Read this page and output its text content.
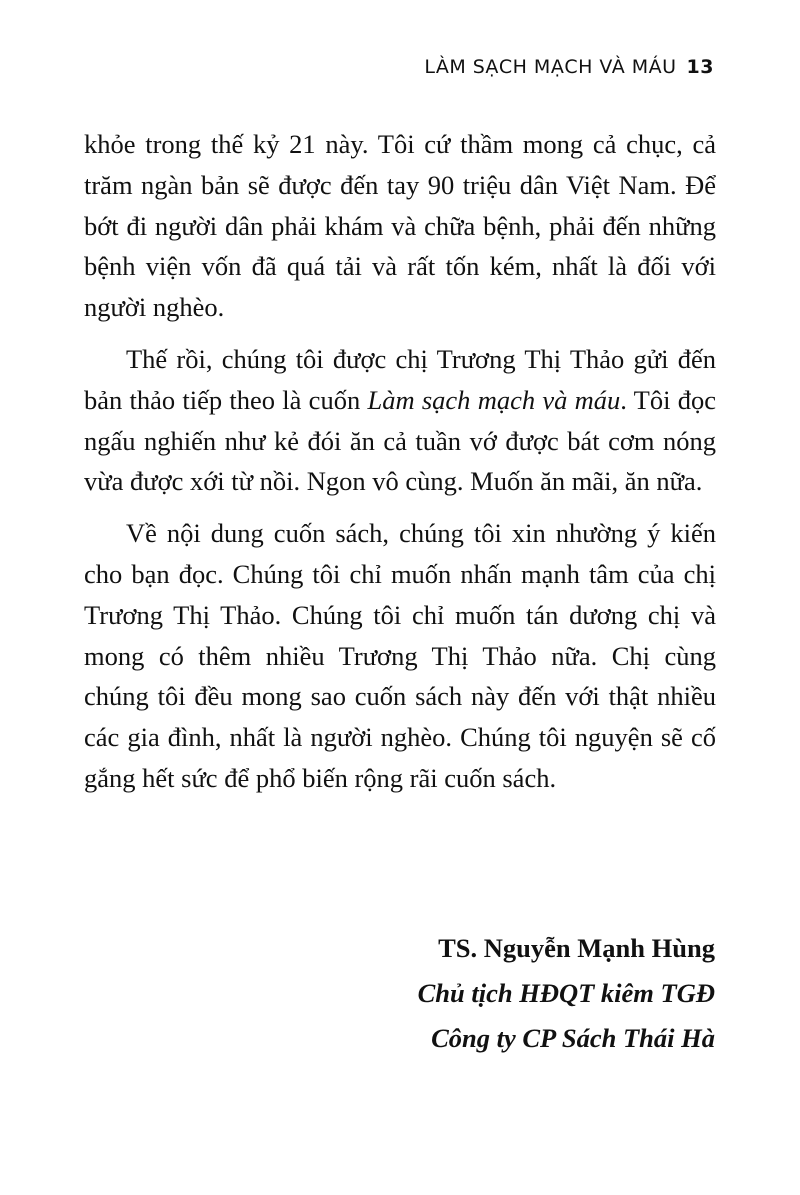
LÀM SẠCH MẠCH VÀ MÁU 13

khỏe trong thế kỷ 21 này. Tôi cứ thầm mong cả chục, cả trăm ngàn bản sẽ được đến tay 90 triệu dân Việt Nam. Để bớt đi người dân phải khám và chữa bệnh, phải đến những bệnh viện vốn đã quá tải và rất tốn kém, nhất là đối với người nghèo.

Thế rồi, chúng tôi được chị Trương Thị Thảo gửi đến bản thảo tiếp theo là cuốn Làm sạch mạch và máu. Tôi đọc ngấu nghiến như kẻ đói ăn cả tuần vớ được bát cơm nóng vừa được xới từ nồi. Ngon vô cùng. Muốn ăn mãi, ăn nữa.

Về nội dung cuốn sách, chúng tôi xin nhường ý kiến cho bạn đọc. Chúng tôi chỉ muốn nhấn mạnh tâm của chị Trương Thị Thảo. Chúng tôi chỉ muốn tán dương chị và mong có thêm nhiều Trương Thị Thảo nữa. Chị cùng chúng tôi đều mong sao cuốn sách này đến với thật nhiều các gia đình, nhất là người nghèo. Chúng tôi nguyện sẽ cố gắng hết sức để phổ biến rộng rãi cuốn sách.

TS. Nguyễn Mạnh Hùng
Chủ tịch HĐQT kiêm TGĐ
Công ty CP Sách Thái Hà
